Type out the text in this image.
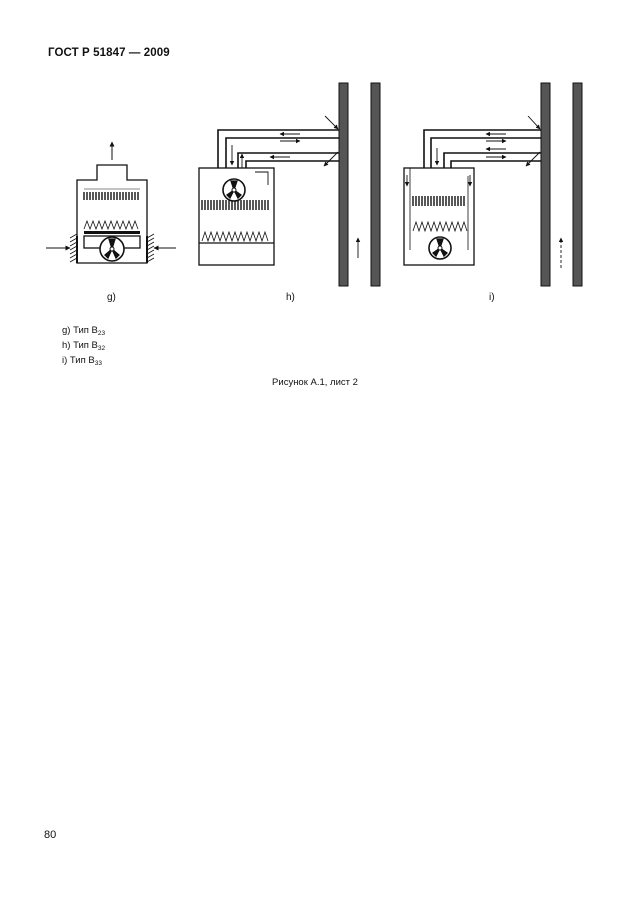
ГОСТ Р 51847 — 2009
g)	h)	i)
g) Тип $В_{23}$
h) Тип $В_{32}$
i) Тип $В_{33}$
Рисунок А.1, лист 2
80
